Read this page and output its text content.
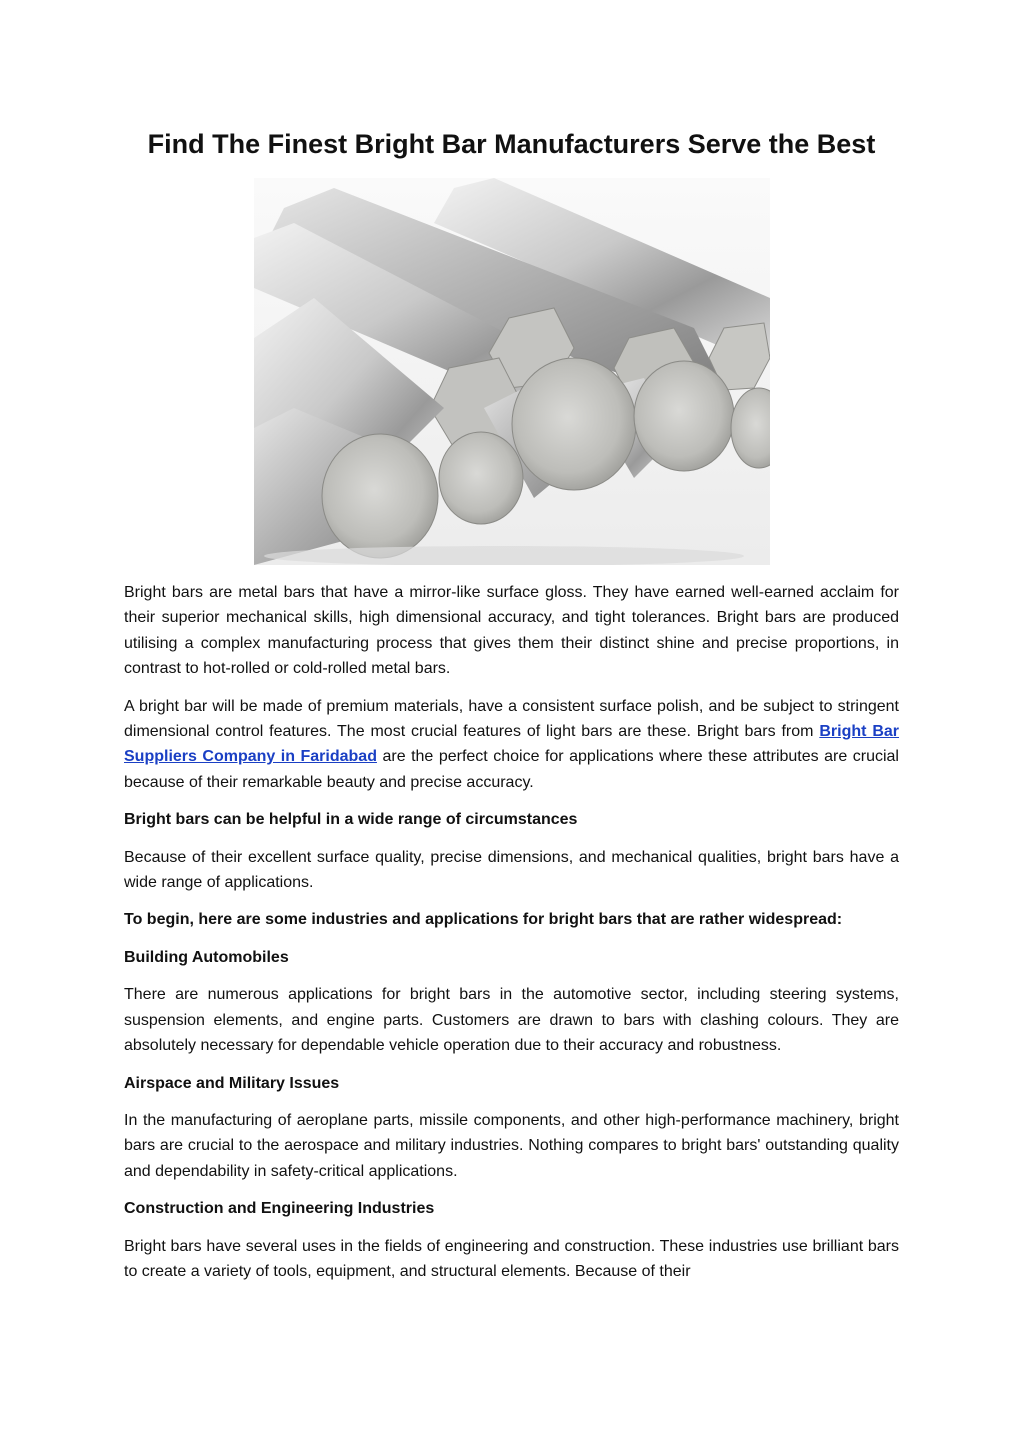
Find The Finest Bright Bar Manufacturers Serve the Best

Bright bars are metal bars that have a mirror-like surface gloss. They have earned well-earned acclaim for their superior mechanical skills, high dimensional accuracy, and tight tolerances. Bright bars are produced utilising a complex manufacturing process that gives them their distinct shine and precise proportions, in contrast to hot-rolled or cold-rolled metal bars.

A bright bar will be made of premium materials, have a consistent surface polish, and be subject to stringent dimensional control features. The most crucial features of light bars are these. Bright bars from Bright Bar Suppliers Company in Faridabad are the perfect choice for applications where these attributes are crucial because of their remarkable beauty and precise accuracy.

Bright bars can be helpful in a wide range of circumstances

Because of their excellent surface quality, precise dimensions, and mechanical qualities, bright bars have a wide range of applications.

To begin, here are some industries and applications for bright bars that are rather widespread:

Building Automobiles

There are numerous applications for bright bars in the automotive sector, including steering systems, suspension elements, and engine parts. Customers are drawn to bars with clashing colours. They are absolutely necessary for dependable vehicle operation due to their accuracy and robustness.

Airspace and Military Issues

In the manufacturing of aeroplane parts, missile components, and other high-performance machinery, bright bars are crucial to the aerospace and military industries. Nothing compares to bright bars' outstanding quality and dependability in safety-critical applications.

Construction and Engineering Industries

Bright bars have several uses in the fields of engineering and construction. These industries use brilliant bars to create a variety of tools, equipment, and structural elements. Because of their
